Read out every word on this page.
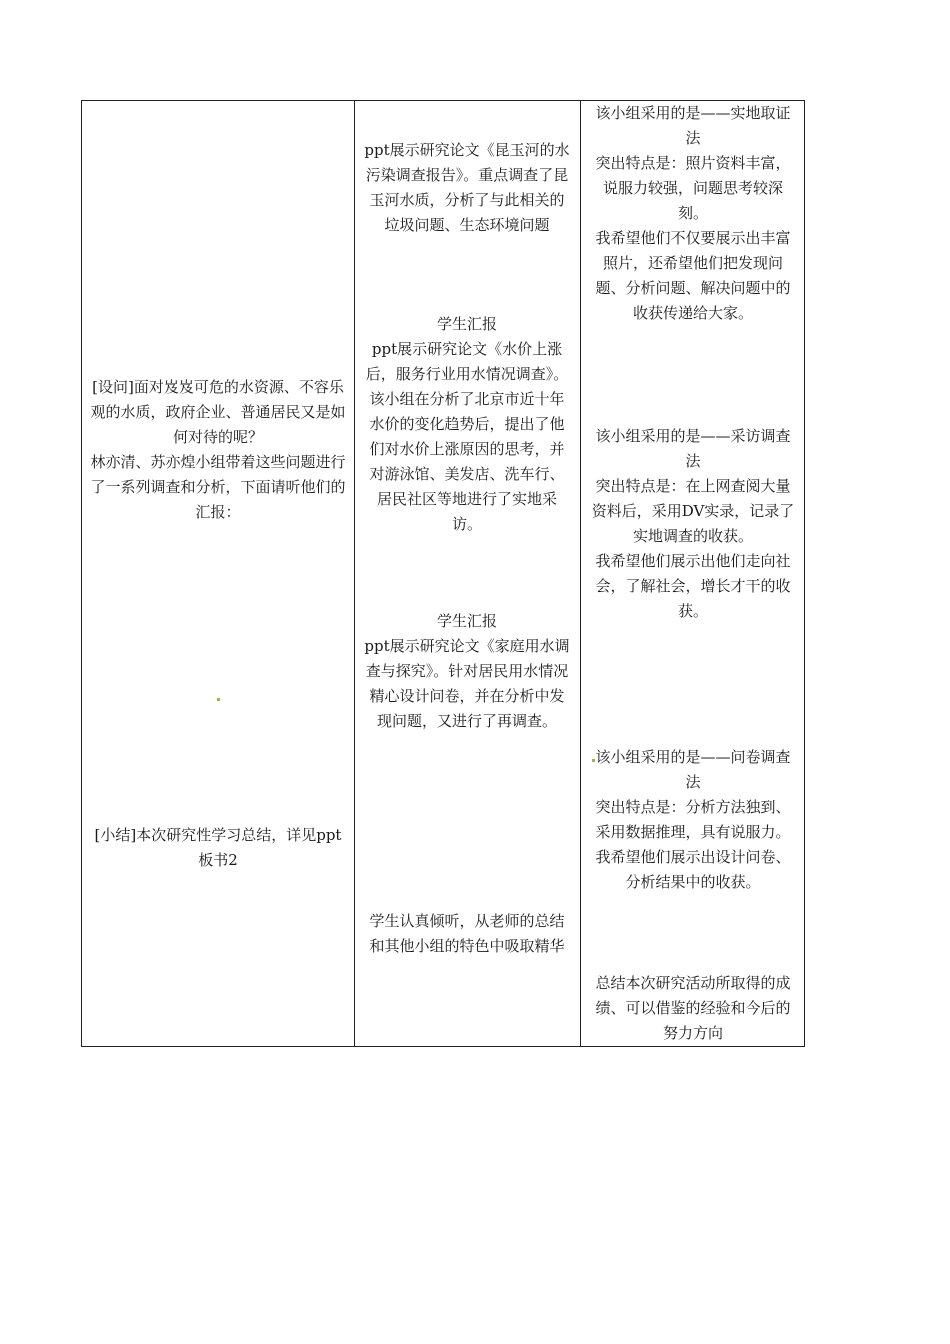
[设问]面对岌岌可危的水资源、不容乐观的水质，政府企业、普通居民又是如何对待的呢？

林亦清、苏亦煌小组带着这些问题进行了一系列调查和分析，下面请听他们的汇报：

[小结]本次研究性学习总结，详见ppt板书2

ppt展示研究论文《昆玉河的水污染调查报告》。重点调查了昆玉河水质，分析了与此相关的垃圾问题、生态环境问题

学生汇报

ppt展示研究论文《水价上涨后，服务行业用水情况调查》。该小组在分析了北京市近十年水价的变化趋势后，提出了他们对水价上涨原因的思考，并对游泳馆、美发店、洗车行、居民社区等地进行了实地采访。

学生汇报

ppt展示研究论文《家庭用水调查与探究》。针对居民用水情况精心设计问卷，并在分析中发现问题，又进行了再调查。

学生认真倾听，从老师的总结和其他小组的特色中吸取精华

该小组采用的是——实地取证法

突出特点是：照片资料丰富，说服力较强，问题思考较深刻。

我希望他们不仅要展示出丰富照片，还希望他们把发现问题、分析问题、解决问题中的收获传递给大家。

该小组采用的是——采访调查法

突出特点是：在上网查阅大量资料后，采用DV实录，记录了实地调查的收获。

我希望他们展示出他们走向社会，了解社会，增长才干的收获。

该小组采用的是——问卷调查法

突出特点是：分析方法独到、采用数据推理，具有说服力。

我希望他们展示出设计问卷、分析结果中的收获。

总结本次研究活动所取得的成绩、可以借鉴的经验和今后的努力方向
